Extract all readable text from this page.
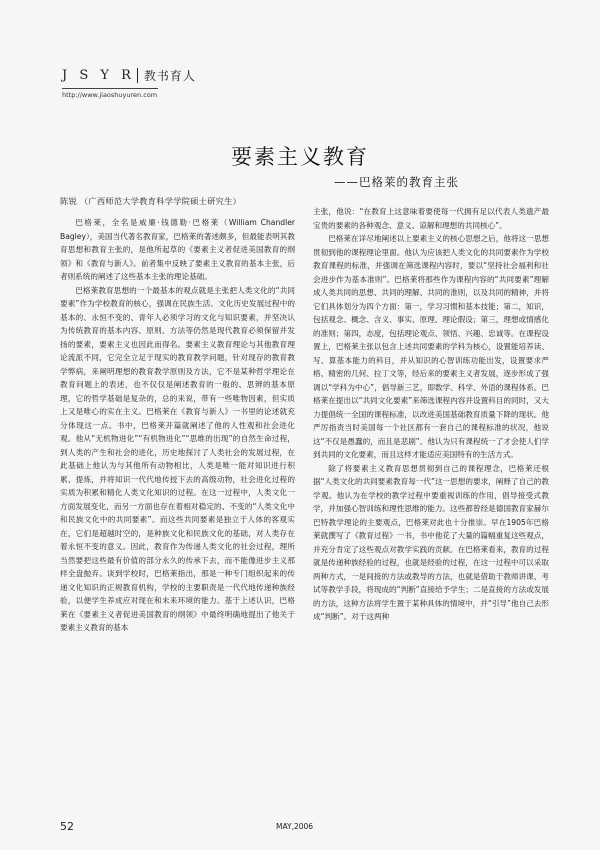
J S Y R 教书育人
http://www.jiaoshuyuren.com
要素主义教育
——巴格莱的教育主张
陈锐 （广西师范大学教育科学学院硕士研究生）

巴格莱，全名是威廉·钱德勒·巴格莱（William Chandler Bagley），美国当代著名教育家，巴格莱的著述颇多，但最能表明其教育思想和教育主张的，是他所起草的《要素主义者促进美国教育的纲领》和《教育与新人》。前者集中反映了要素主义教育的基本主张，后者则系统的阐述了这些基本主张的理论基础。

巴格莱教育思想的一个最基本的观点就是主张把人类文化的“共同要素”作为学校教育的核心，强调在民族生活、文化历史发展过程中的基本的、永恒不变的、青年人必须学习的文化与知识要素，并坚决认为传统教育的基本内容、原则、方法等仍然是现代教育必须保留并发扬的要素，要素主义也因此而得名。要素主义教育理论与其他教育理论流派不同，它完全立足于现实的教育教学问题，针对现存的教育教学弊病，来阐明理想的教育教学原则及方法，它不是某种哲学理论在教育问题上的表述，也不仅仅是阐述教育的一般的、思辨的基本原理，它的哲学基础是复杂的，总的来说，带有一些唯物因素，但实质上又是唯心的实在主义。巴格莱在《教育与新人》一书里的论述就充分体现这一点。书中，巴格莱开篇就阐述了他的人性观和社会进化观。他从“无机物进化”“有机物进化”“思维的出现”的自然生命过程，到人类的产生和社会的进化，历史地探讨了人类社会的发展过程，在此基础上他认为与其他所有动物相比，人类是唯一能对知识进行积累、提炼，并将知识一代代地传授下去的高级动物，社会进化过程的实质为积累和精化人类文化知识的过程。在这一过程中，人类文化一方面发展变化，而另一方面也存在着相对稳定的、不变的“人类文化中和民族文化中的共同要素”。而这些共同要素是独立于人体的客观实在，它们是超越时空的，是种族文化和民族文化的基础，对人类存在着永恒不变的意义。因此，教育作为传递人类文化的社会过程，理所当然要把这些最有价值的部分永久的传承下去，而不能像进步主义那样全盘抛弃。谈到学校时，巴格莱指出，那是一种专门组织起来的传递文化知识的正规教育机构，学校的主要职责是一代代地传递种族经验，以便学生养成应对现在和未来环境的能力。基于上述认识，巴格莱在《要素主义者促进美国教育的纲领》中最终明确地提出了他关于要素主义教育的基本

主张，他说：“在教育上这意味着要使每一代拥有足以代表人类遗产最宝贵的要素的各种观念、意义、谅解和理想的共同核心”。

巴格莱在详尽地阐述以上要素主义的核心思想之后，他将这一思想贯彻到他的课程理论里面。他认为应该把人类文化的共同要素作为学校教育课程的标准，并强调在筛选课程内容时，要以“坚持社会福利和社会进步作为基本准则”。巴格莱将那些作为课程内容的“共同要素”理解成人类共同的思想、共同的理解、共同的准则，以及共同的精神，并将它们具体划分为四个方面：第一，学习习惯和基本技能；第二，知识，包括观念、概念、含义、事实、原理、理论假设；第三，理想或情感化的准则；第四，态度，包括理论观点、领悟、兴趣、忠诚等。在课程设置上，巴格莱主张以包含上述共同要素的学科为核心，设置能培养读、写、算基本能力的科目，并从知识的心智训练功能出发，设置要求严格、精密的几何、拉丁文等，经后来的要素主义者发展，逐步形成了强调以“学科为中心”，倡导新三艺，即数学、科学、外语的课程体系。巴格莱在提出以“共同文化要素”来筛选课程内容并设置科目的同时，又大力提倡统一全国的课程标准，以改进美国基础教育质量下降的现状。他严厉指责当时美国每一个社区都有一套自己的课程标准的状况，他说这“不仅是愚蠢的，而且是悲剧”。他认为只有课程统一了才会使人们学到共同的文化要素，而且这样才能适应美国特有的生活方式。

除了将要素主义教育思想贯彻到自己的课程理念，巴格莱还根据“人类文化的共同要素教育每一代”这一思想的要求，阐释了自己的教学观。他认为在学校的教学过程中要重视训练的作用，倡导接受式教学，并加强心智训练和理性思维的能力。这些都曾经是德国教育家赫尔巴特教学理论的主要观点，巴格莱对此也十分推崇。早在1905年巴格莱就撰写了《教育过程》一书，书中他花了大量的篇幅重复这些观点，并充分肯定了这些观点对教学实践的贡献。在巴格莱看来，教育的过程就是传递种族经验的过程，也就是经验的过程，在这一过程中可以采取两种方式，一是间接的方法或教导的方法，也就是借助于教师讲课、考试等教学手段，将现成的“判断”直接给予学生；二是直接的方法或发展的方法，这种方法将学生置于某种具体的情境中，并“引导”他自己去形成“判断”。对于这两种

52	MAY,2006
